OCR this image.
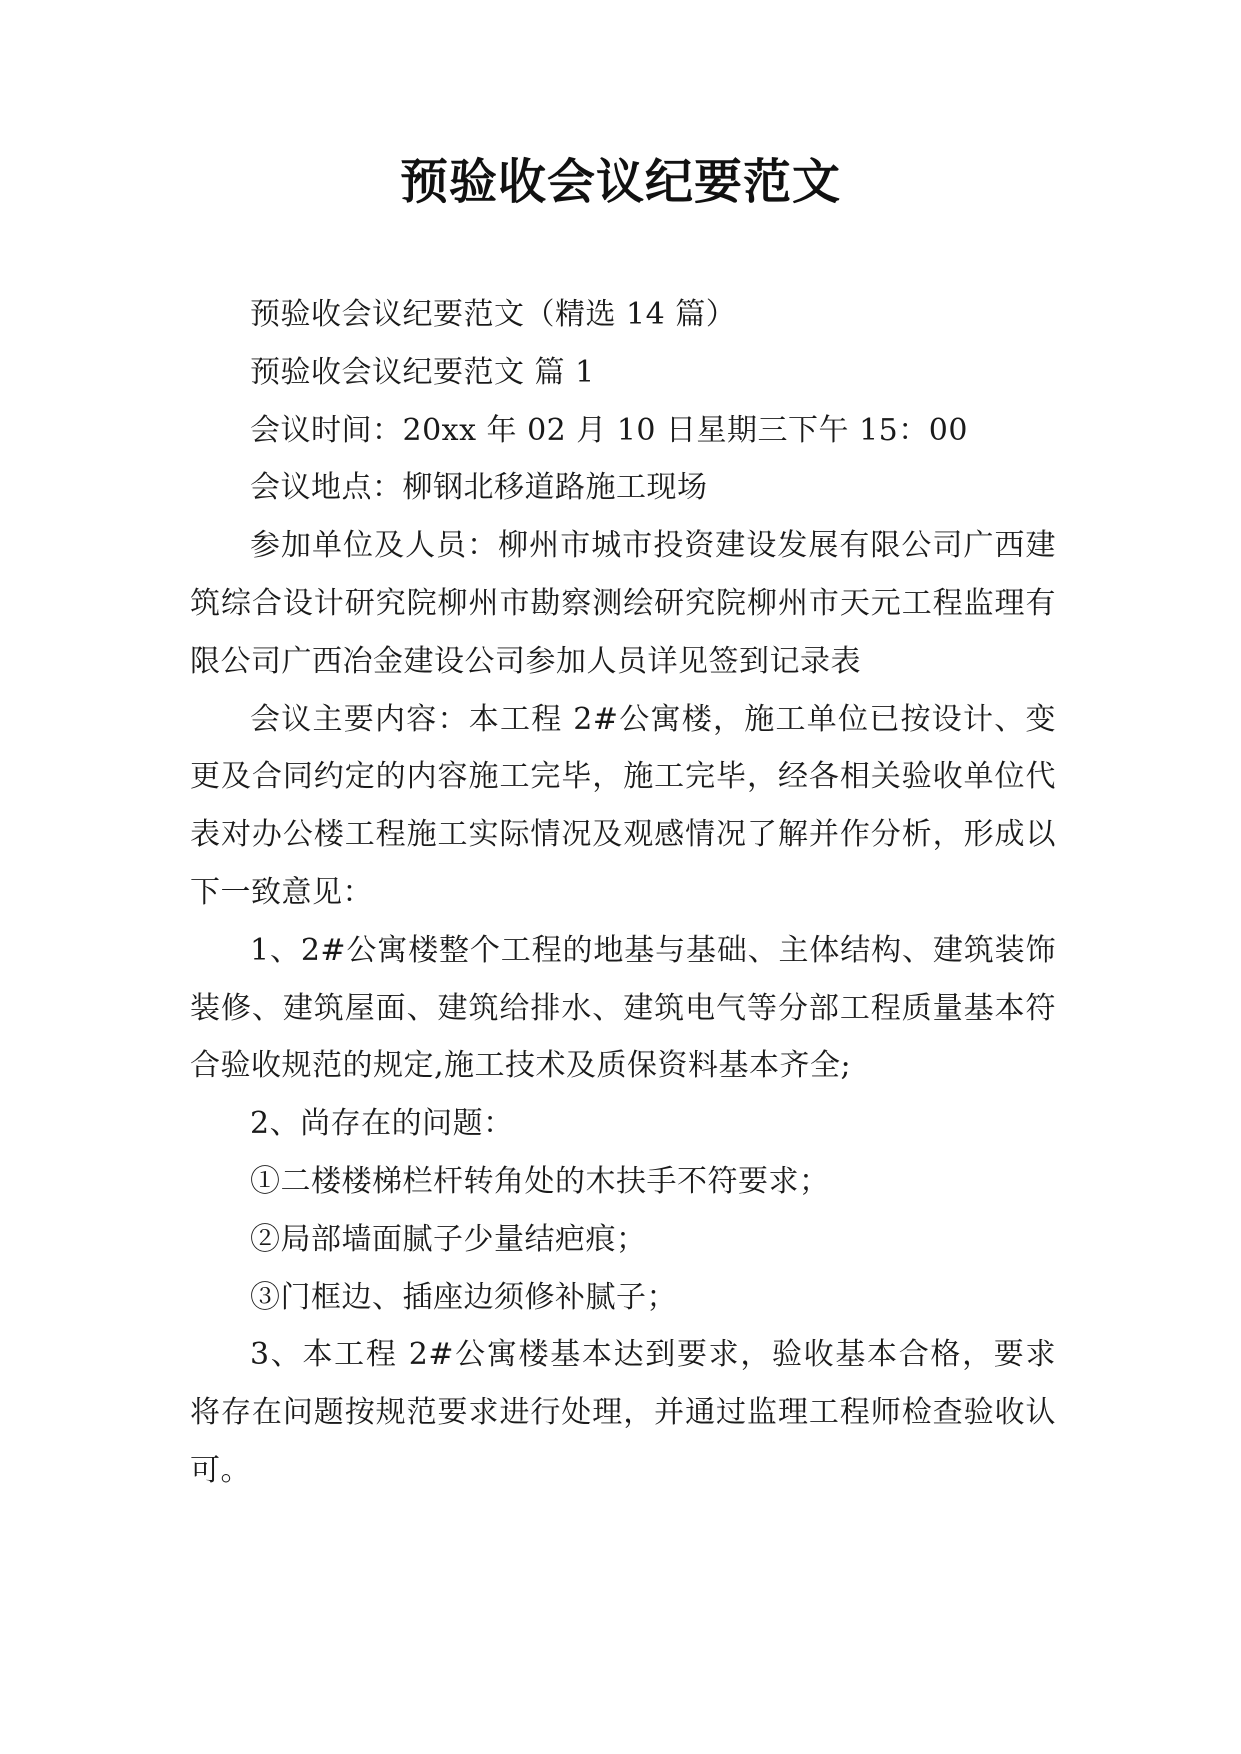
预验收会议纪要范文

预验收会议纪要范文（精选 14 篇）

预验收会议纪要范文 篇 1

会议时间：20xx 年 02 月 10 日星期三下午 15：00

会议地点：柳钢北移道路施工现场

参加单位及人员：柳州市城市投资建设发展有限公司广西建筑综合设计研究院柳州市勘察测绘研究院柳州市天元工程监理有限公司广西冶金建设公司参加人员详见签到记录表

会议主要内容：本工程 2#公寓楼，施工单位已按设计、变更及合同约定的内容施工完毕，施工完毕，经各相关验收单位代表对办公楼工程施工实际情况及观感情况了解并作分析，形成以下一致意见：

1、2#公寓楼整个工程的地基与基础、主体结构、建筑装饰装修、建筑屋面、建筑给排水、建筑电气等分部工程质量基本符合验收规范的规定,施工技术及质保资料基本齐全;

2、尚存在的问题：

①二楼楼梯栏杆转角处的木扶手不符要求；

②局部墙面腻子少量结疤痕；

③门框边、插座边须修补腻子；

3、本工程 2#公寓楼基本达到要求，验收基本合格，要求将存在问题按规范要求进行处理，并通过监理工程师检查验收认可。
